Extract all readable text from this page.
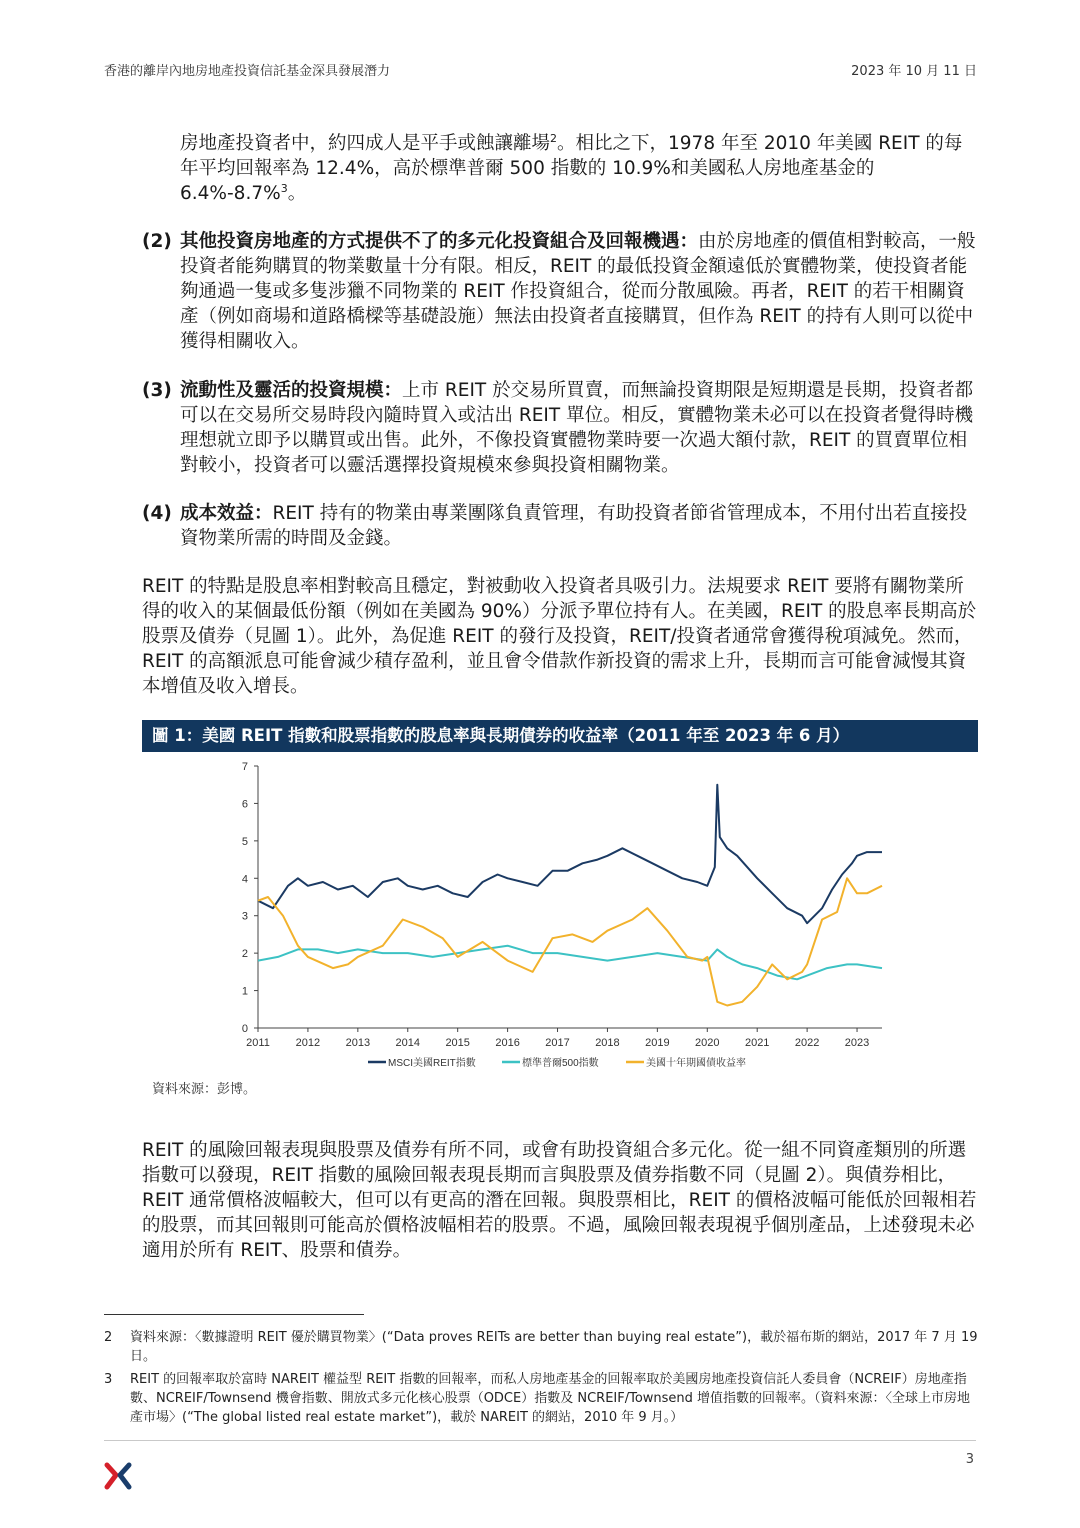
香港的離岸內地房地產投資信託基金深具發展潛力	2023 年 10 月 11 日

房地產投資者中，約四成人是平手或蝕讓離場$^2$。相比之下，1978 年至 2010 年美國 REIT 的每年平均回報率為 12.4%，高於標準普爾 500 指數的 10.9%和美國私人房地產基金的 6.4%-8.7%$^3$。

(2) 其他投資房地產的方式提供不了的多元化投資組合及回報機遇：由於房地產的價值相對較高，一般投資者能夠購買的物業數量十分有限。相反，REIT 的最低投資金額遠低於實體物業，使投資者能夠通過一隻或多隻涉獵不同物業的 REIT 作投資組合，從而分散風險。再者，REIT 的若干相關資產（例如商場和道路橋樑等基礎設施）無法由投資者直接購買，但作為 REIT 的持有人則可以從中獲得相關收入。

(3) 流動性及靈活的投資規模：上市 REIT 於交易所買賣，而無論投資期限是短期還是長期，投資者都可以在交易所交易時段內隨時買入或沽出 REIT 單位。相反，實體物業未必可以在投資者覺得時機理想就立即予以購買或出售。此外，不像投資實體物業時要一次過大額付款，REIT 的買賣單位相對較小，投資者可以靈活選擇投資規模來參與投資相關物業。

(4) 成本效益：REIT 持有的物業由專業團隊負責管理，有助投資者節省管理成本，不用付出若直接投資物業所需的時間及金錢。

REIT 的特點是股息率相對較高且穩定，對被動收入投資者具吸引力。法規要求 REIT 要將有關物業所得的收入的某個最低份額（例如在美國為 90%）分派予單位持有人。在美國，REIT 的股息率長期高於股票及債券（見圖 1）。此外，為促進 REIT 的發行及投資，REIT/投資者通常會獲得稅項減免。然而，REIT 的高額派息可能會減少積存盈利，並且會令借款作新投資的需求上升，長期而言可能會減慢其資本增值及收入增長。

圖 1：美國 REIT 指數和股票指數的股息率與長期債券的收益率（2011 年至 2023 年 6 月）
0
1
2
3
4
5
6
7
2011 2012 2013 2014 2015 2016 2017 2018 2019 2020 2021 2022 2023
MSCI美國REIT指數	標準普爾500指數	美國十年期國債收益率
資料來源：彭博。

REIT 的風險回報表現與股票及債券有所不同，或會有助投資組合多元化。從一組不同資產類別的所選指數可以發現，REIT 指數的風險回報表現長期而言與股票及債券指數不同（見圖 2）。與債券相比，REIT 通常價格波幅較大，但可以有更高的潛在回報。與股票相比，REIT 的價格波幅可能低於回報相若的股票，而其回報則可能高於價格波幅相若的股票。不過，風險回報表現視乎個別產品，上述發現未必適用於所有 REIT、股票和債券。

2 資料來源：〈數據證明 REIT 優於購買物業〉(“Data proves REITs are better than buying real estate”)，載於福布斯的網站，2017 年 7 月 19 日。
3 REIT 的回報率取於富時 NAREIT 權益型 REIT 指數的回報率，而私人房地產基金的回報率取於美國房地產投資信託人委員會（NCREIF）房地產指數、NCREIF/Townsend 機會指數、開放式多元化核心股票（ODCE）指數及 NCREIF/Townsend 增值指數的回報率。（資料來源：〈全球上市房地產市場〉(“The global listed real estate market”)，載於 NAREIT 的網站，2010 年 9 月。）
3
